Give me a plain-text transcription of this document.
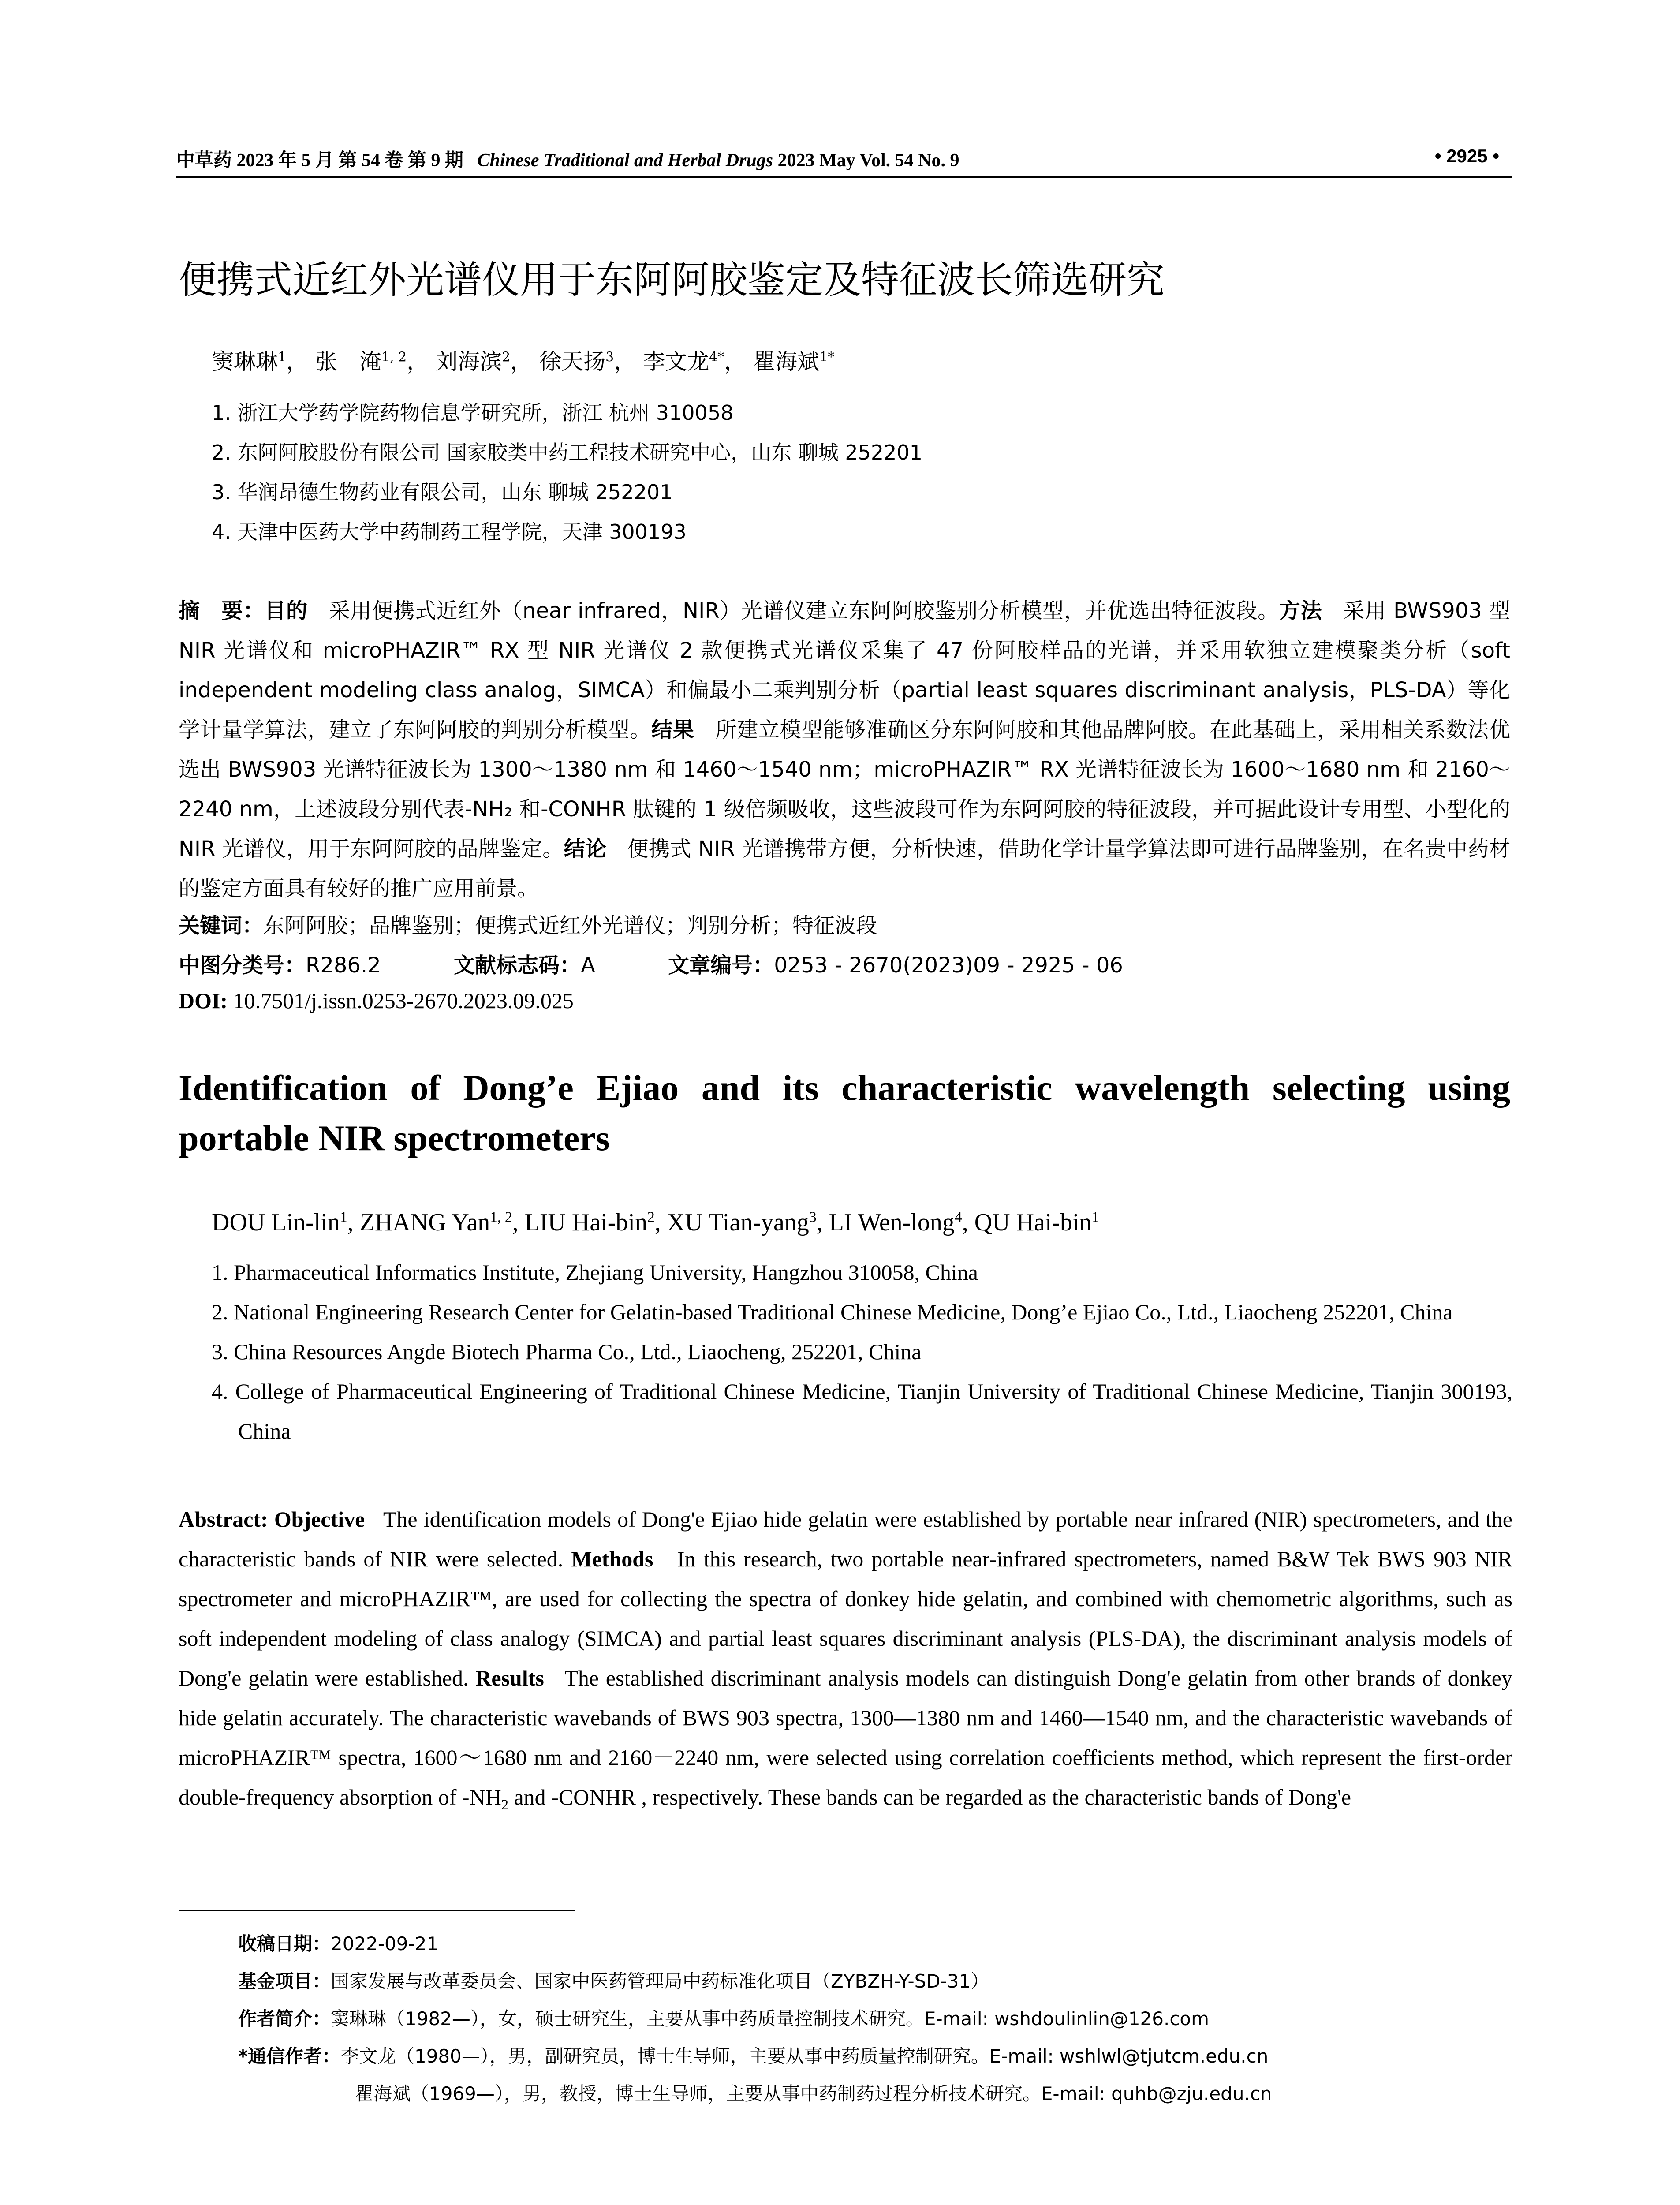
中草药 2023 年 5 月 第 54 卷 第 9 期 Chinese Traditional and Herbal Drugs 2023 May Vol. 54 No. 9	• 2925 •
便携式近红外光谱仪用于东阿阿胶鉴定及特征波长筛选研究
窦琳琳$^1$， 张　淹$^{1, 2}$， 刘海滨$^2$， 徐天扬$^3$， 李文龙$^{4*}$， 瞿海斌$^{1*}$
1. 浙江大学药学院药物信息学研究所，浙江 杭州 310058
2. 东阿阿胶股份有限公司 国家胶类中药工程技术研究中心，山东 聊城 252201
3. 华润昂德生物药业有限公司，山东 聊城 252201
4. 天津中医药大学中药制药工程学院，天津 300193
摘　要：目的 采用便携式近红外（near infrared，NIR）光谱仪建立东阿阿胶鉴别分析模型，并优选出特征波段。方法 采用 BWS903 型 NIR 光谱仪和 microPHAZIR™ RX 型 NIR 光谱仪 2 款便携式光谱仪采集了 47 份阿胶样品的光谱，并采用软独立建模聚类分析（soft independent modeling class analog，SIMCA）和偏最小二乘判别分析（partial least squares discriminant analysis，PLS-DA）等化学计量学算法，建立了东阿阿胶的判别分析模型。结果 所建立模型能够准确区分东阿阿胶和其他品牌阿胶。在此基础上，采用相关系数法优选出 BWS903 光谱特征波长为 1300～1380 nm 和 1460～1540 nm；microPHAZIR™ RX 光谱特征波长为 1600～1680 nm 和 2160～2240 nm，上述波段分别代表-NH₂ 和-CONHR 肽键的 1 级倍频吸收，这些波段可作为东阿阿胶的特征波段，并可据此设计专用型、小型化的 NIR 光谱仪，用于东阿阿胶的品牌鉴定。结论 便携式 NIR 光谱携带方便，分析快速，借助化学计量学算法即可进行品牌鉴别，在名贵中药材的鉴定方面具有较好的推广应用前景。
关键词：东阿阿胶；品牌鉴别；便携式近红外光谱仪；判别分析；特征波段
中图分类号：R286.2	文献标志码：A	文章编号：0253 - 2670(2023)09 - 2925 - 06
DOI: 10.7501/j.issn.0253-2670.2023.09.025
Identification of Dong’e Ejiao and its characteristic wavelength selecting using portable NIR spectrometers
DOU Lin-lin$^1$, ZHANG Yan$^{1, 2}$, LIU Hai-bin$^2$, XU Tian-yang$^3$, LI Wen-long$^4$, QU Hai-bin$^1$
1. Pharmaceutical Informatics Institute, Zhejiang University, Hangzhou 310058, China
2. National Engineering Research Center for Gelatin-based Traditional Chinese Medicine, Dong’e Ejiao Co., Ltd., Liaocheng 252201, China
3. China Resources Angde Biotech Pharma Co., Ltd., Liaocheng, 252201, China
4. College of Pharmaceutical Engineering of Traditional Chinese Medicine, Tianjin University of Traditional Chinese Medicine, Tianjin 300193, China
Abstract: Objective The identification models of Dong'e Ejiao hide gelatin were established by portable near infrared (NIR) spectrometers, and the characteristic bands of NIR were selected. Methods In this research, two portable near-infrared spectrometers, named B&W Tek BWS 903 NIR spectrometer and microPHAZIR™, are used for collecting the spectra of donkey hide gelatin, and combined with chemometric algorithms, such as soft independent modeling of class analogy (SIMCA) and partial least squares discriminant analysis (PLS-DA), the discriminant analysis models of Dong'e gelatin were established. Results The established discriminant analysis models can distinguish Dong'e gelatin from other brands of donkey hide gelatin accurately. The characteristic wavebands of BWS 903 spectra, 1300—1380 nm and 1460—1540 nm, and the characteristic wavebands of microPHAZIR™ spectra, 1600～1680 nm and 2160－2240 nm, were selected using correlation coefficients method, which represent the first-order double-frequency absorption of $-NH_2$ and -CONHR , respectively. These bands can be regarded as the characteristic bands of Dong'e
收稿日期：2022-09-21
基金项目：国家发展与改革委员会、国家中医药管理局中药标准化项目（ZYBZH-Y-SD-31）
作者简介：窦琳琳（1982—），女，硕士研究生，主要从事中药质量控制技术研究。E-mail: wshdoulinlin@126.com
*通信作者：李文龙（1980—），男，副研究员，博士生导师，主要从事中药质量控制研究。E-mail: wshlwl@tjutcm.edu.cn
瞿海斌（1969—），男，教授，博士生导师，主要从事中药制药过程分析技术研究。E-mail: quhb@zju.edu.cn
